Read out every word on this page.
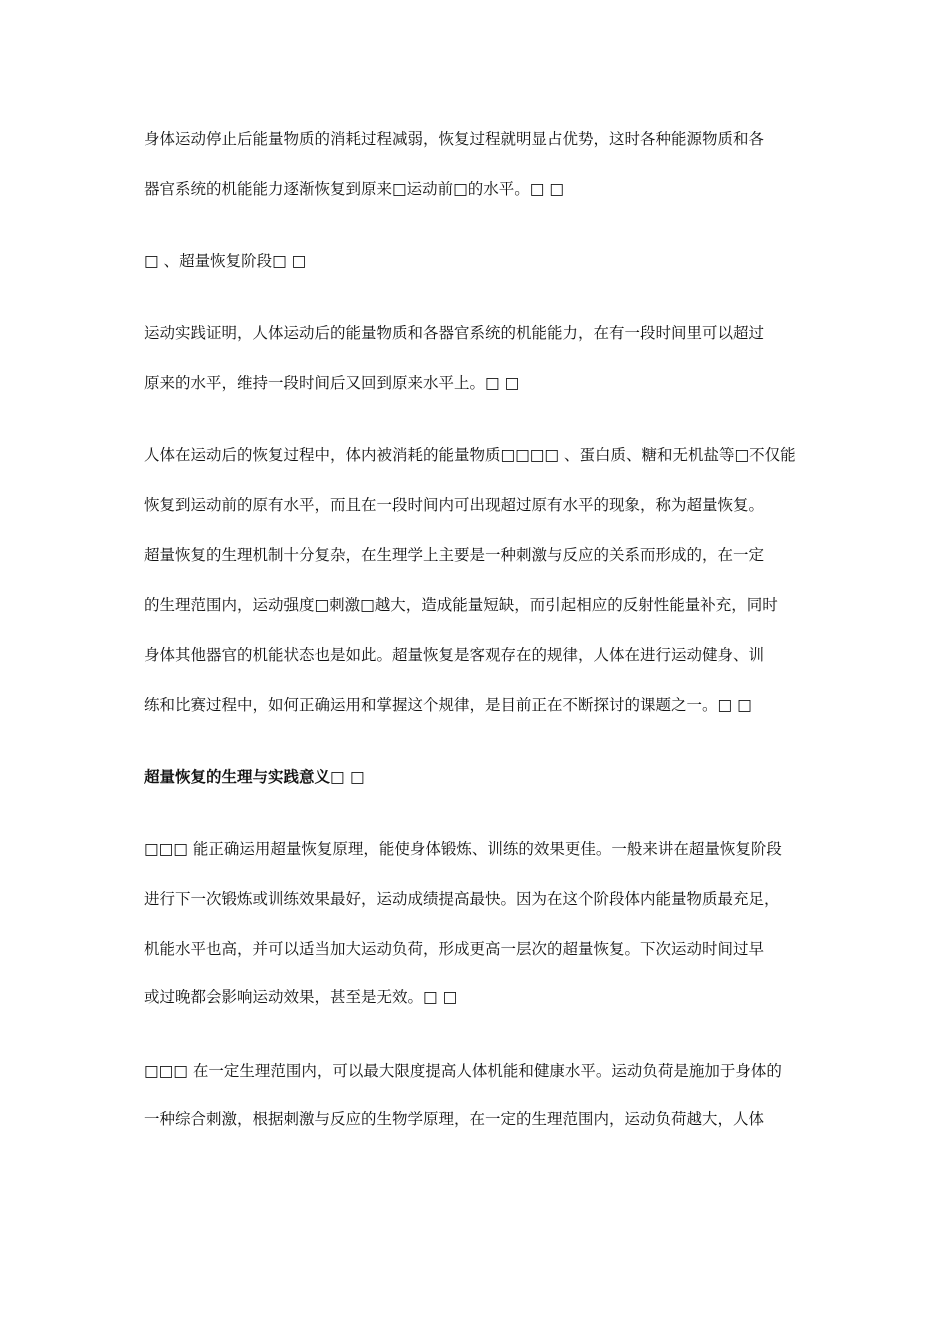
身体运动停止后能量物质的消耗过程减弱，恢复过程就明显占优势，这时各种能源物质和各
器官系统的机能能力逐渐恢复到原来□运动前□的水平。□ □
□ 、超量恢复阶段□ □
运动实践证明，人体运动后的能量物质和各器官系统的机能能力，在有一段时间里可以超过
原来的水平，维持一段时间后又回到原来水平上。□ □
人体在运动后的恢复过程中，体内被消耗的能量物质□□□□ 、蛋白质、糖和无机盐等□不仅能
恢复到运动前的原有水平，而且在一段时间内可出现超过原有水平的现象，称为超量恢复。
超量恢复的生理机制十分复杂，在生理学上主要是一种刺激与反应的关系而形成的，在一定
的生理范围内，运动强度□刺激□越大，造成能量短缺，而引起相应的反射性能量补充，同时
身体其他器官的机能状态也是如此。超量恢复是客观存在的规律，人体在进行运动健身、训
练和比赛过程中，如何正确运用和掌握这个规律，是目前正在不断探讨的课题之一。□ □
超量恢复的生理与实践意义□ □
□□□ 能正确运用超量恢复原理，能使身体锻炼、训练的效果更佳。一般来讲在超量恢复阶段
进行下一次锻炼或训练效果最好，运动成绩提高最快。因为在这个阶段体内能量物质最充足，
机能水平也高，并可以适当加大运动负荷，形成更高一层次的超量恢复。下次运动时间过早
或过晚都会影响运动效果，甚至是无效。□ □
□□□ 在一定生理范围内，可以最大限度提高人体机能和健康水平。运动负荷是施加于身体的
一种综合刺激，根据刺激与反应的生物学原理，在一定的生理范围内，运动负荷越大，人体
